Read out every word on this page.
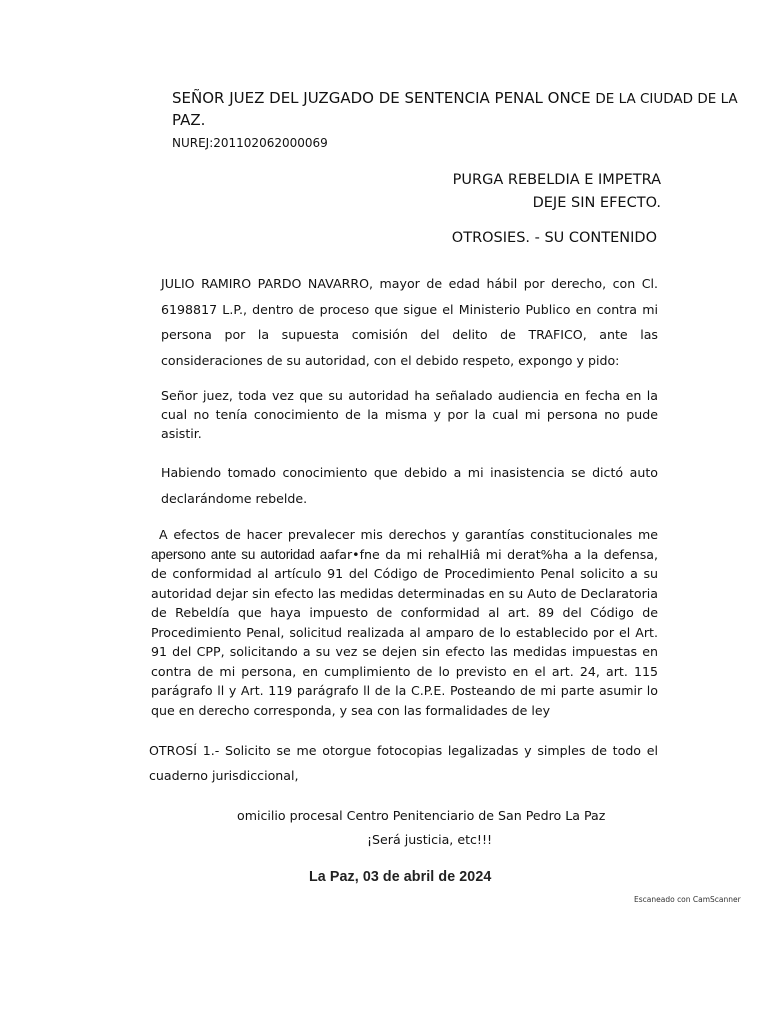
SEÑOR JUEZ DEL JUZGADO DE SENTENCIA PENAL ONCE DE LA CIUDAD DE LA
PAZ.
NUREJ:201102062000069
PURGA REBELDIA E IMPETRA
DEJE SIN EFECTO.
OTROSIES. - SU CONTENIDO
JULIO RAMIRO PARDO NAVARRO, mayor de edad hábil por derecho, con Cl.
6198817 L.P., dentro de proceso que sigue el Ministerio Publico en contra mi
persona por la supuesta comisión del delito de TRAFICO, ante las
consideraciones de su autoridad, con el debido respeto, expongo y pido:
Señor juez, toda vez que su autoridad ha señalado audiencia en fecha en la
cual no tenía conocimiento de la misma y por la cual mi persona no pude
asistir.
Habiendo tomado conocimiento que debido a mi inasistencia se dictó auto
declarándome rebelde.
A efectos de hacer prevalecer mis derechos y garantías constitucionales me
apersono ante su autoridad aafar•fne da mi rehalHiâ mi derat%ha a la defensa,
de conformidad al artículo 91 del Código de Procedimiento Penal solicito a su
autoridad dejar sin efecto las medidas determinadas en su Auto de Declaratoria
de Rebeldía que haya impuesto de conformidad al art. 89 del Código de
Procedimiento Penal, solicitud realizada al amparo de lo establecido por el Art.
91 del CPP, solicitando a su vez se dejen sin efecto las medidas impuestas en
contra de mi persona, en cumplimiento de lo previsto en el art. 24, art. 115
parágrafo ll y Art. 119 parágrafo ll de la C.P.E. Posteando de mi parte asumir lo
que en derecho corresponda, y sea con las formalidades de ley
OTROSÍ 1.- Solicito se me otorgue fotocopias legalizadas y simples de todo el
cuaderno jurisdiccional,
omicilio procesal Centro Penitenciario de San Pedro La Paz
¡Será justicia, etc!!!
La Paz, 03 de abril de 2024
Escaneado con CamScanner
